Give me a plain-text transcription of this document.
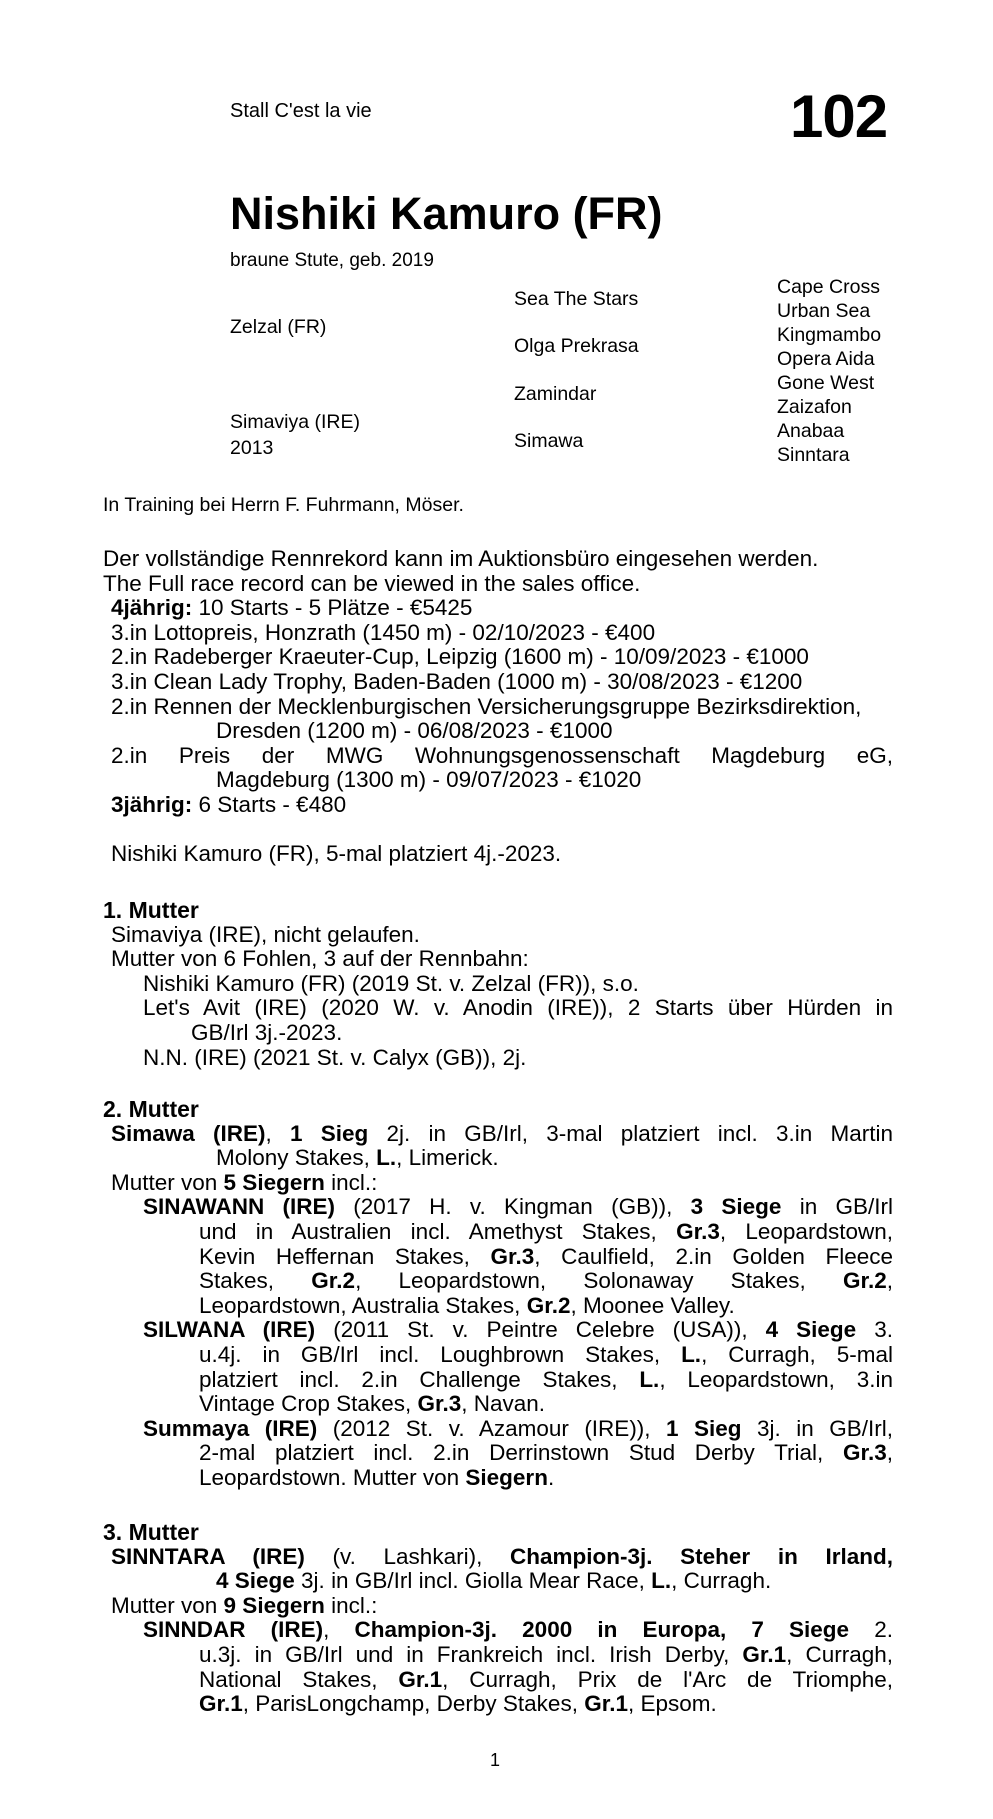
Stall C'est la vie	102
Nishiki Kamuro (FR)
braune Stute, geb. 2019
Zelzal (FR)
Simaviya (IRE)
2013
Sea The Stars
Olga Prekrasa
Zamindar
Simawa
Cape Cross
Urban Sea
Kingmambo
Opera Aida
Gone West
Zaizafon
Anabaa
Sinntara
In Training bei Herrn F. Fuhrmann, Möser.
Der vollständige Rennrekord kann im Auktionsbüro eingesehen werden.
The Full race record can be viewed in the sales office.
4jährig: 10 Starts - 5 Plätze - €5425
3.in Lottopreis, Honzrath (1450 m) - 02/10/2023 - €400
2.in Radeberger Kraeuter-Cup, Leipzig (1600 m) - 10/09/2023 - €1000
3.in Clean Lady Trophy, Baden-Baden (1000 m) - 30/08/2023 - €1200
2.in Rennen der Mecklenburgischen Versicherungsgruppe Bezirksdirektion,
Dresden (1200 m) - 06/08/2023 - €1000
2.in Preis der MWG Wohnungsgenossenschaft Magdeburg eG,
Magdeburg (1300 m) - 09/07/2023 - €1020
3jährig: 6 Starts - €480
Nishiki Kamuro (FR), 5-mal platziert 4j.-2023.
1. Mutter
Simaviya (IRE), nicht gelaufen.
Mutter von 6 Fohlen, 3 auf der Rennbahn:
Nishiki Kamuro (FR) (2019 St. v. Zelzal (FR)), s.o.
Let's Avit (IRE) (2020 W. v. Anodin (IRE)), 2 Starts über Hürden in
GB/Irl 3j.-2023.
N.N. (IRE) (2021 St. v. Calyx (GB)), 2j.
2. Mutter
Simawa (IRE), 1 Sieg 2j. in GB/Irl, 3-mal platziert incl. 3.in Martin
Molony Stakes, L., Limerick.
Mutter von 5 Siegern incl.:
SINAWANN (IRE) (2017 H. v. Kingman (GB)), 3 Siege in GB/Irl
und in Australien incl. Amethyst Stakes, Gr.3, Leopardstown,
Kevin Heffernan Stakes, Gr.3, Caulfield, 2.in Golden Fleece
Stakes, Gr.2, Leopardstown, Solonaway Stakes, Gr.2,
Leopardstown, Australia Stakes, Gr.2, Moonee Valley.
SILWANA (IRE) (2011 St. v. Peintre Celebre (USA)), 4 Siege 3.
u.4j. in GB/Irl incl. Loughbrown Stakes, L., Curragh, 5-mal
platziert incl. 2.in Challenge Stakes, L., Leopardstown, 3.in
Vintage Crop Stakes, Gr.3, Navan.
Summaya (IRE) (2012 St. v. Azamour (IRE)), 1 Sieg 3j. in GB/Irl,
2-mal platziert incl. 2.in Derrinstown Stud Derby Trial, Gr.3,
Leopardstown. Mutter von Siegern.
3. Mutter
SINNTARA (IRE) (v. Lashkari), Champion-3j. Steher in Irland,
4 Siege 3j. in GB/Irl incl. Giolla Mear Race, L., Curragh.
Mutter von 9 Siegern incl.:
SINNDAR (IRE), Champion-3j. 2000 in Europa, 7 Siege 2.
u.3j. in GB/Irl und in Frankreich incl. Irish Derby, Gr.1, Curragh,
National Stakes, Gr.1, Curragh, Prix de l'Arc de Triomphe,
Gr.1, ParisLongchamp, Derby Stakes, Gr.1, Epsom.
1
